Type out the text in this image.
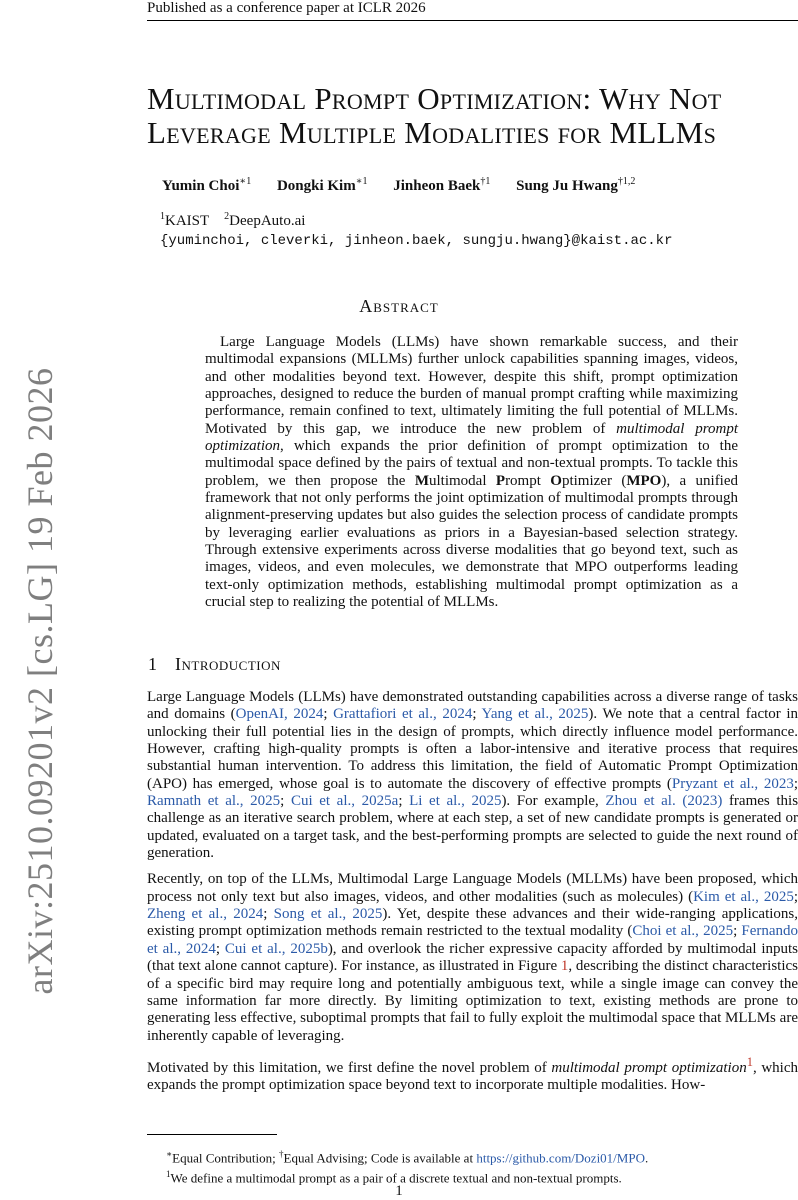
Published as a conference paper at ICLR 2026
arXiv:2510.09201v2 [cs.LG] 19 Feb 2026
Multimodal Prompt Optimization: Why Not
Leverage Multiple Modalities for MLLMs
Yumin Choi$^{∗1}$ Dongki Kim$^{∗1}$ Jinheon Baek$^{\dagger 1}$ Sung Ju Hwang$^{\dagger 1,2}$
$^1$KAIST $^2$DeepAuto.ai
{yuminchoi, cleverki, jinheon.baek, sungju.hwang}@kaist.ac.kr
Abstract

 Large Language Models (LLMs) have shown remarkable success, and their multimodal expansions (MLLMs) further unlock capabilities spanning images, videos, and other modalities beyond text. However, despite this shift, prompt optimization approaches, designed to reduce the burden of manual prompt crafting while maximizing performance, remain confined to text, ultimately limiting the full potential of MLLMs. Motivated by this gap, we introduce the new problem of multimodal prompt optimization, which expands the prior definition of prompt optimization to the multimodal space defined by the pairs of textual and non-textual prompts. To tackle this problem, we then propose the Multimodal Prompt Optimizer (MPO), a unified framework that not only performs the joint optimization of multimodal prompts through alignment-preserving updates but also guides the selection process of candidate prompts by leveraging earlier evaluations as priors in a Bayesian-based selection strategy. Through extensive experiments across diverse modalities that go beyond text, such as images, videos, and even molecules, we demonstrate that MPO outperforms leading text-only optimization methods, establishing multimodal prompt optimization as a crucial step to realizing the potential of MLLMs.

1 Introduction

Large Language Models (LLMs) have demonstrated outstanding capabilities across a diverse range of tasks and domains (OpenAI, 2024; Grattafiori et al., 2024; Yang et al., 2025). We note that a central factor in unlocking their full potential lies in the design of prompts, which directly influence model performance. However, crafting high-quality prompts is often a labor-intensive and iterative process that requires substantial human intervention. To address this limitation, the field of Automatic Prompt Optimization (APO) has emerged, whose goal is to automate the discovery of effective prompts (Pryzant et al., 2023; Ramnath et al., 2025; Cui et al., 2025a; Li et al., 2025). For example, Zhou et al. (2023) frames this challenge as an iterative search problem, where at each step, a set of new candidate prompts is generated or updated, evaluated on a target task, and the best-performing prompts are selected to guide the next round of generation.

Recently, on top of the LLMs, Multimodal Large Language Models (MLLMs) have been proposed, which process not only text but also images, videos, and other modalities (such as molecules) (Kim et al., 2025; Zheng et al., 2024; Song et al., 2025). Yet, despite these advances and their wide-ranging applications, existing prompt optimization methods remain restricted to the textual modality (Choi et al., 2025; Fernando et al., 2024; Cui et al., 2025b), and overlook the richer expressive capacity afforded by multimodal inputs (that text alone cannot capture). For instance, as illustrated in Figure 1, describing the distinct characteristics of a specific bird may require long and potentially ambiguous text, while a single image can convey the same information far more directly. By limiting optimization to text, existing methods are prone to generating less effective, suboptimal prompts that fail to fully exploit the multimodal space that MLLMs are inherently capable of leveraging.

Motivated by this limitation, we first define the novel problem of multimodal prompt optimization$^1$, which expands the prompt optimization space beyond text to incorporate multiple modalities. How-

∗Equal Contribution; †Equal Advising; Code is available at https://github.com/Dozi01/MPO.
$^1$We define a multimodal prompt as a pair of a discrete textual and non-textual prompts.
1
